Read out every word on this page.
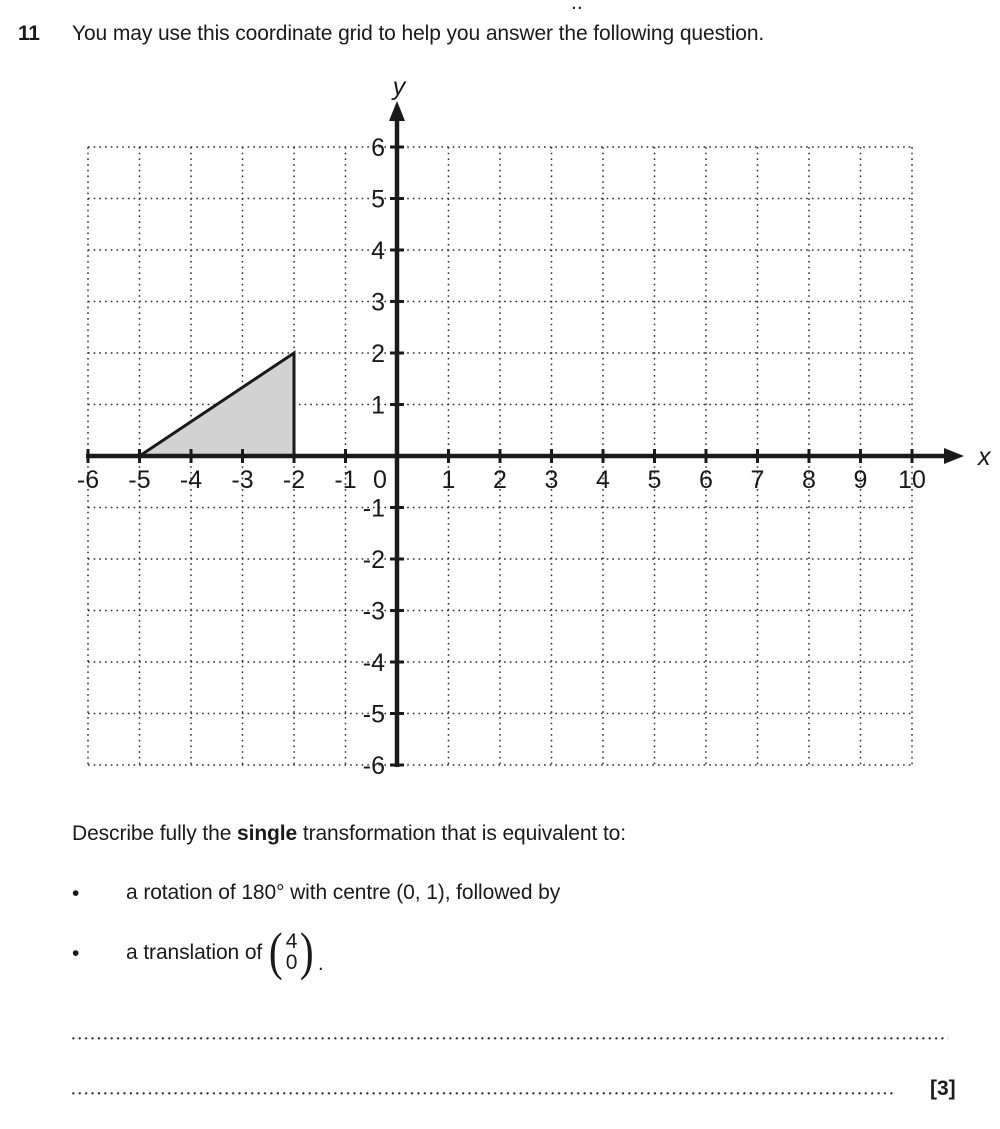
..
11 You may use this coordinate grid to help you answer the following question.
-6 -5 -4 -3 -2 -1	1 2 3 4 5 6 7 8 9 10
0
-6
-5
-4
-3
-2
-1
1
2
3
4
5
6
y
x
Describe fully the single transformation that is equivalent to:
•	a rotation of 180° with centre (0, 1), followed by
•	a translation of ( 4
0 ) .
[3]
